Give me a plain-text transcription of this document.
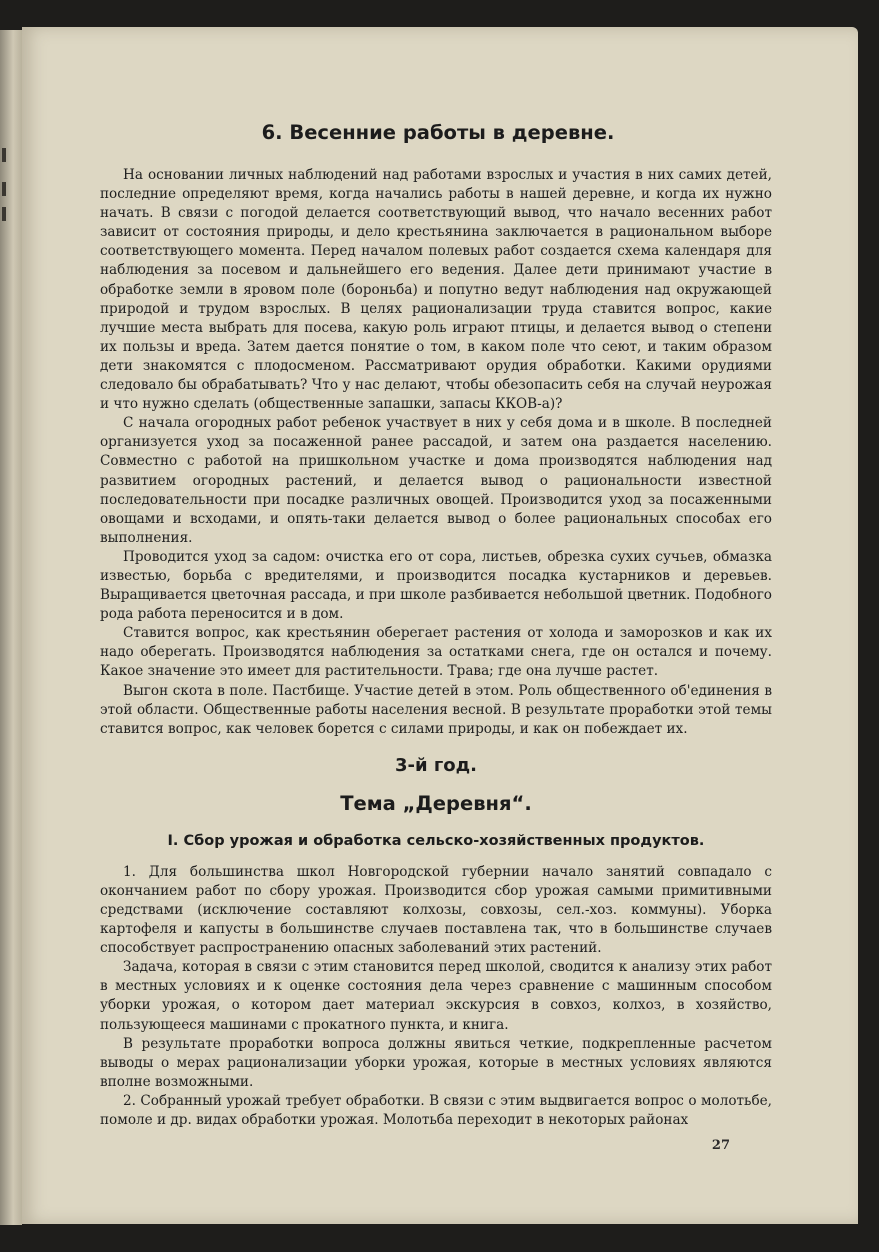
6. Весенние работы в деревне.

На основании личных наблюдений над работами взрослых и участия в них самих детей, последние определяют время, когда начались работы в нашей деревне, и когда их нужно начать. В связи с погодой делается соответствующий вывод, что начало весенних работ зависит от состояния природы, и дело крестьянина заключается в рациональном выборе соответствующего момента. Перед началом полевых работ создается схема календаря для наблюдения за посевом и дальнейшего его ведения. Далее дети принимают участие в обработке земли в яровом поле (бороньба) и попутно ведут наблюдения над окружающей природой и трудом взрослых. В целях рационализации труда ставится вопрос, какие лучшие места выбрать для посева, какую роль играют птицы, и делается вывод о степени их пользы и вреда. Затем дается понятие о том, в каком поле что сеют, и таким образом дети знакомятся с плодосменом. Рассматривают орудия обработки. Какими орудиями следовало бы обрабатывать? Что у нас делают, чтобы обезопасить себя на случай неурожая и что нужно сделать (общественные запашки, запасы ККОВ-а)?

С начала огородных работ ребенок участвует в них у себя дома и в школе. В последней организуется уход за посаженной ранее рассадой, и затем она раздается населению. Совместно с работой на пришкольном участке и дома производятся наблюдения над развитием огородных растений, и делается вывод о рациональности известной последовательности при посадке различных овощей. Производится уход за посаженными овощами и всходами, и опять-таки делается вывод о более рациональных способах его выполнения.

Проводится уход за садом: очистка его от сора, листьев, обрезка сухих сучьев, обмазка известью, борьба с вредителями, и производится посадка кустарников и деревьев. Выращивается цветочная рассада, и при школе разбивается небольшой цветник. Подобного рода работа переносится и в дом.

Ставится вопрос, как крестьянин оберегает растения от холода и заморозков и как их надо оберегать. Производятся наблюдения за остатками снега, где он остался и почему. Какое значение это имеет для растительности. Трава; где она лучше растет.

Выгон скота в поле. Пастбище. Участие детей в этом. Роль общественного об'единения в этой области. Общественные работы населения весной. В результате проработки этой темы ставится вопрос, как человек борется с силами природы, и как он побеждает их.

3-й год.
Тема „Деревня“.
I. Сбор урожая и обработка сельско-хозяйственных продуктов.

1. Для большинства школ Новгородской губернии начало занятий совпадало с окончанием работ по сбору урожая. Производится сбор урожая самыми примитивными средствами (исключение составляют колхозы, совхозы, сел.-хоз. коммуны). Уборка картофеля и капусты в большинстве случаев поставлена так, что в большинстве случаев способствует распространению опасных заболеваний этих растений.

Задача, которая в связи с этим становится перед школой, сводится к анализу этих работ в местных условиях и к оценке состояния дела через сравнение с машинным способом уборки урожая, о котором дает материал экскурсия в совхоз, колхоз, в хозяйство, пользующееся машинами с прокатного пункта, и книга.

В результате проработки вопроса должны явиться четкие, подкрепленные расчетом выводы о мерах рационализации уборки урожая, которые в местных условиях являются вполне возможными.

2. Собранный урожай требует обработки. В связи с этим выдвигается вопрос о молотьбе, помоле и др. видах обработки урожая. Молотьба переходит в некоторых районах

27
